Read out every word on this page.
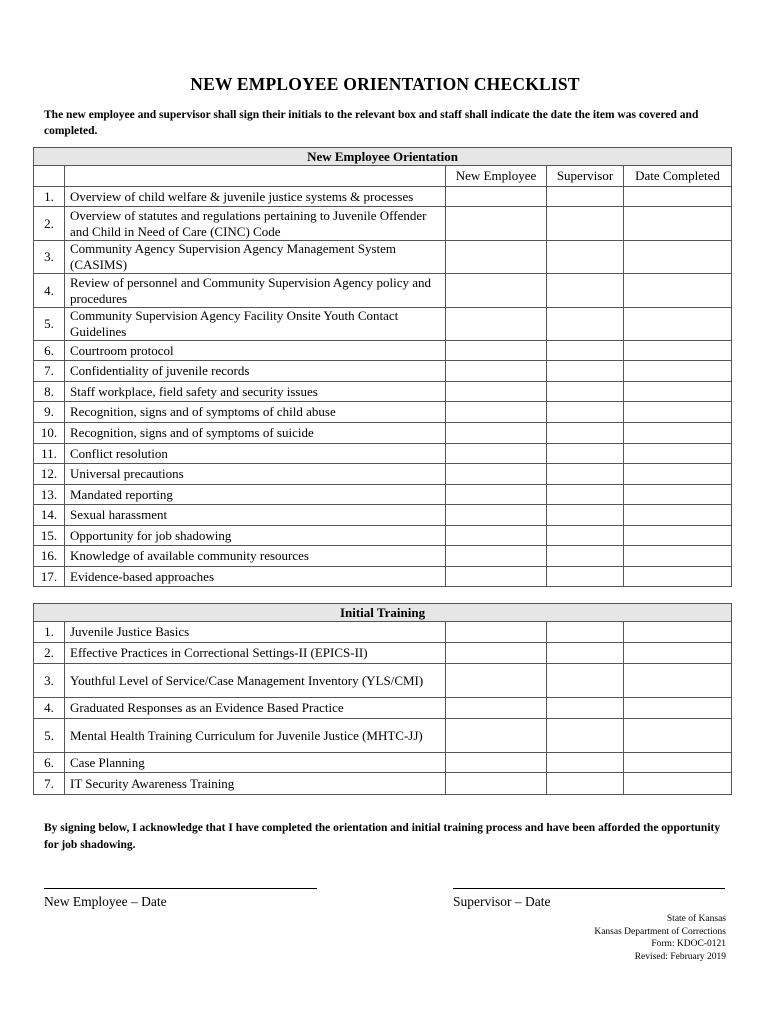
NEW EMPLOYEE ORIENTATION CHECKLIST
The new employee and supervisor shall sign their initials to the relevant box and staff shall indicate the date the item was covered and completed.
New Employee Orientation				
		New Employee	Supervisor	Date Completed
1.	Overview of child welfare & juvenile justice systems & processes			
2.	Overview of statutes and regulations pertaining to Juvenile Offender and Child in Need of Care (CINC) Code			
3.	Community Agency Supervision Agency Management System (CASIMS)			
4.	Review of personnel and Community Supervision Agency policy and procedures			
5.	Community Supervision Agency Facility Onsite Youth Contact Guidelines			
6.	Courtroom protocol			
7.	Confidentiality of juvenile records			
8.	Staff workplace, field safety and security issues			
9.	Recognition, signs and of symptoms of child abuse			
10.	Recognition, signs and of symptoms of suicide			
11.	Conflict resolution			
12.	Universal precautions			
13.	Mandated reporting			
14.	Sexual harassment			
15.	Opportunity for job shadowing			
16.	Knowledge of available community resources			
17.	Evidence-based approaches			
Initial Training				
1.	Juvenile Justice Basics			
2.	Effective Practices in Correctional Settings-II (EPICS-II)			
3.	Youthful Level of Service/Case Management Inventory (YLS/CMI)			
4.	Graduated Responses as an Evidence Based Practice			
5.	Mental Health Training Curriculum for Juvenile Justice (MHTC-JJ)			
6.	Case Planning			
7.	IT Security Awareness Training			
By signing below, I acknowledge that I have completed the orientation and initial training process and have been afforded the opportunity for job shadowing.
New Employee – Date	Supervisor – Date
State of Kansas
Kansas Department of Corrections
Form: KDOC-0121
Revised: February 2019
